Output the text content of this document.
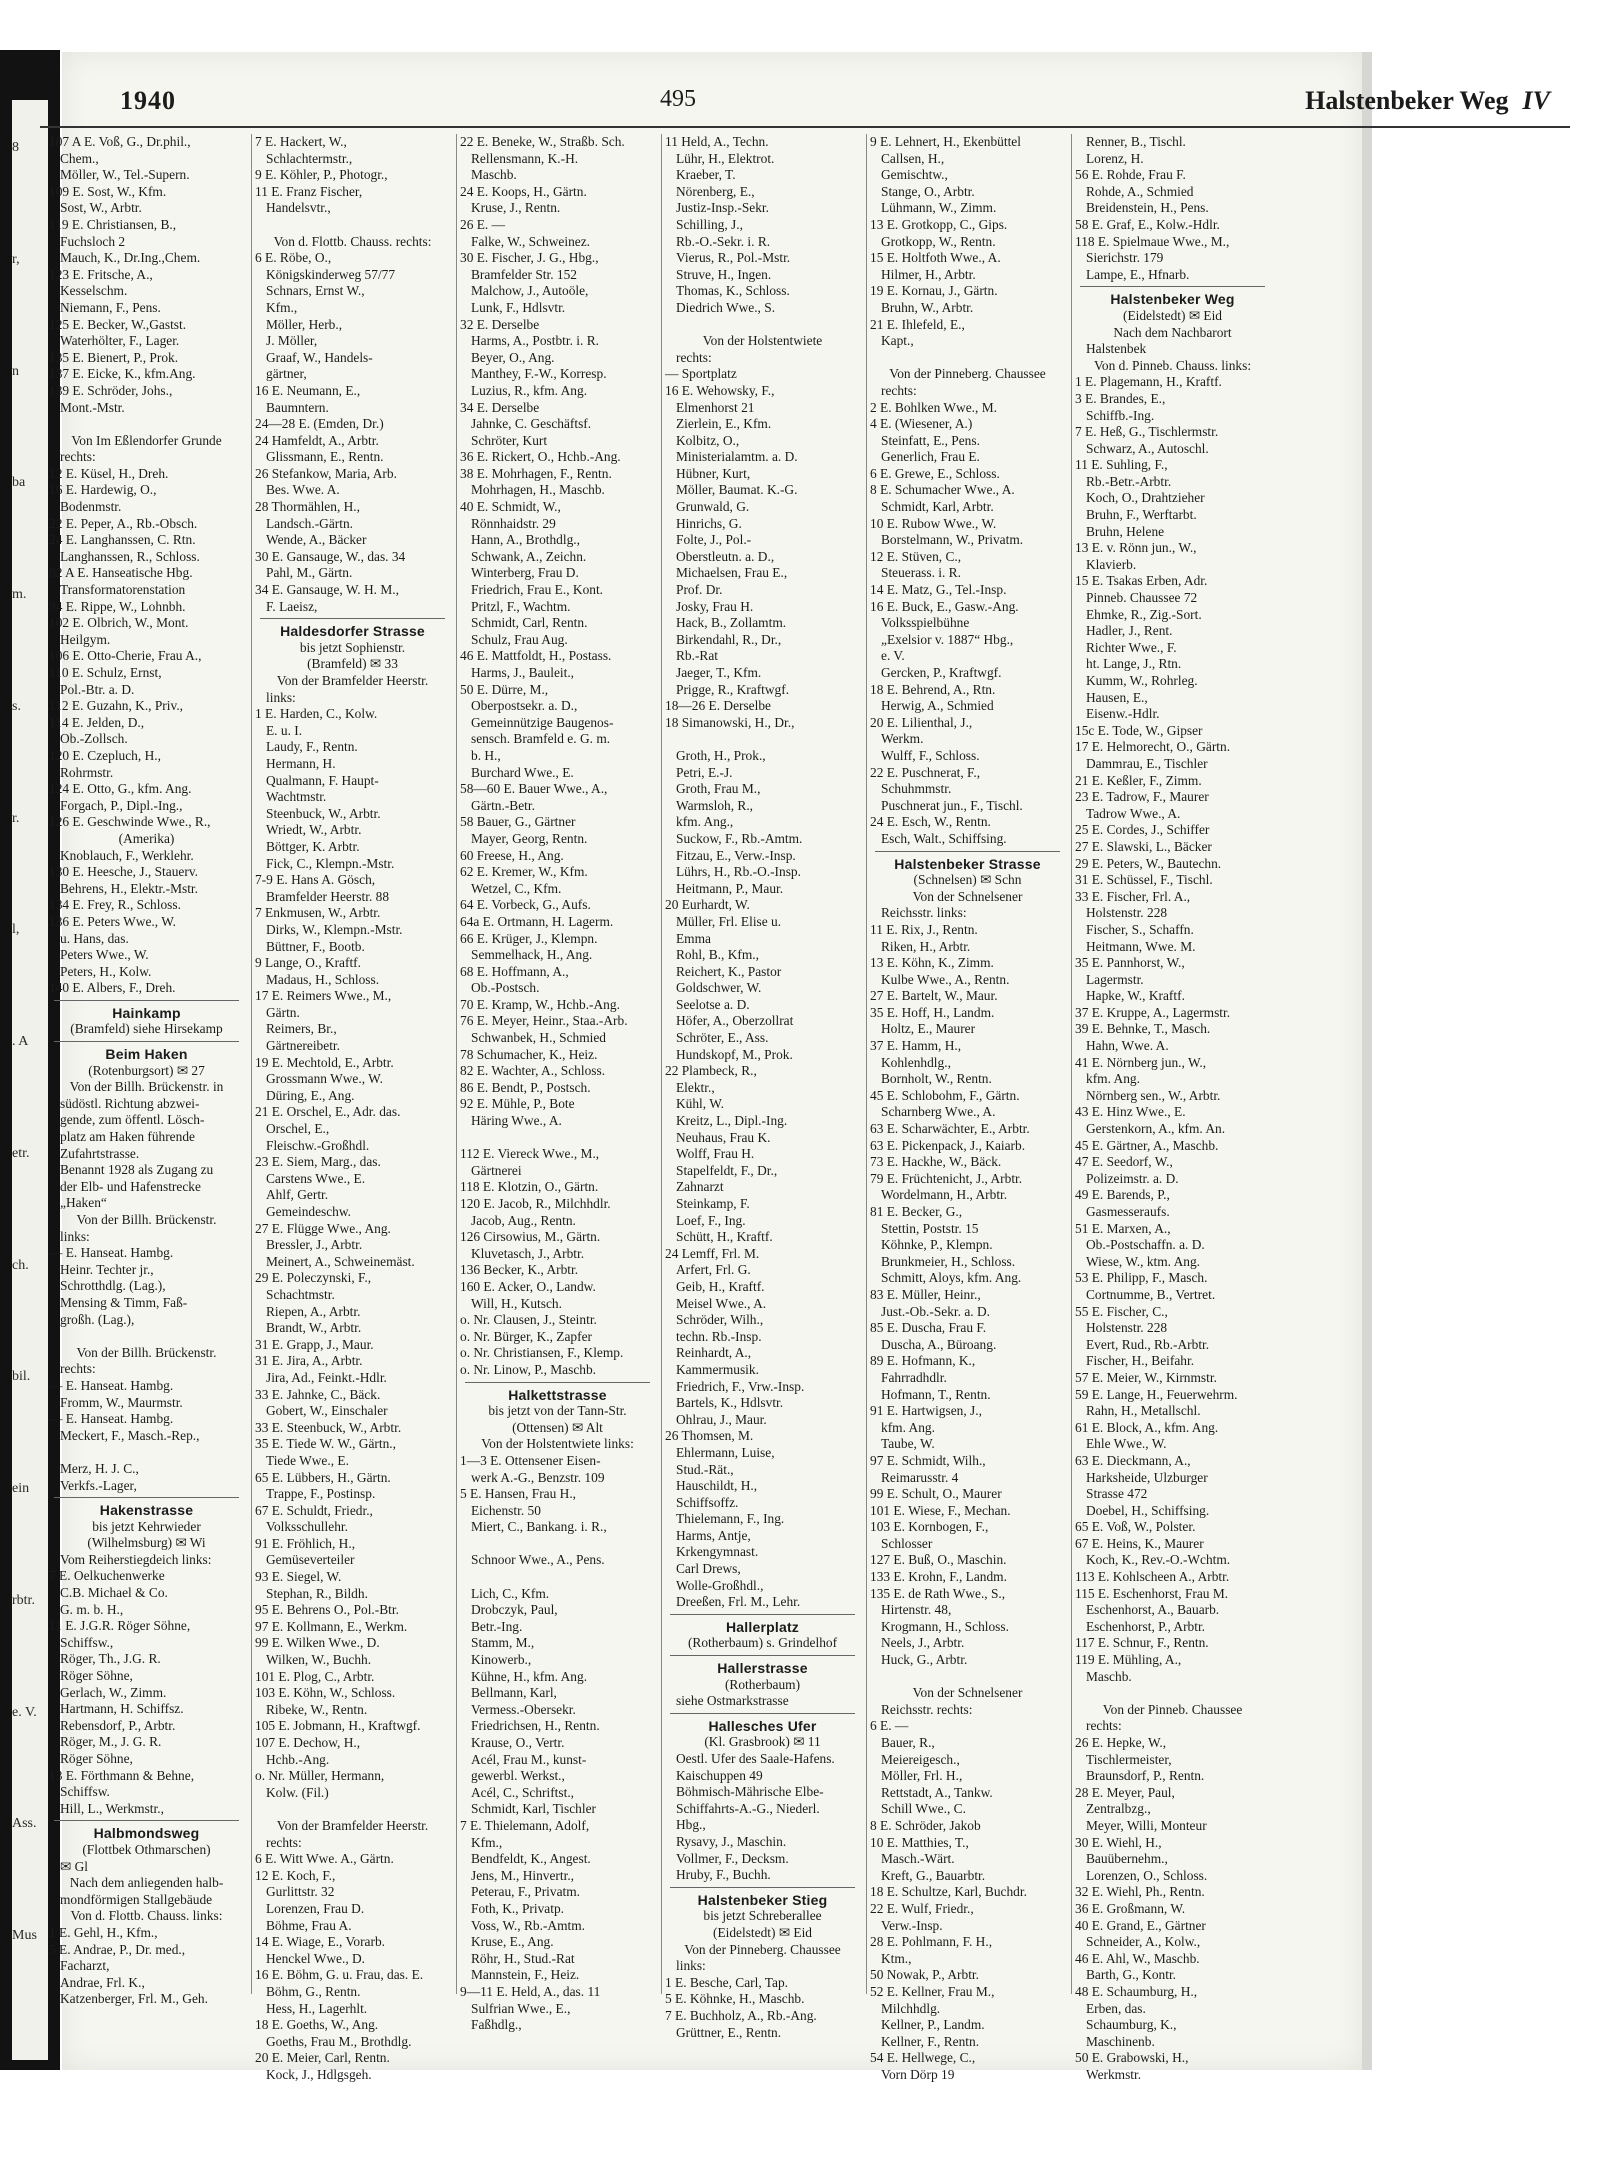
8
r,
n
ba
m.
s.
r.
l,
. A
etr.
ch.
bil.
ein
rbtr.
e. V.
Ass.
Mus
1940	495	Halstenbeker Weg IV
107 A E. Voß, G., Dr.phil.,
Chem.,
Möller, W., Tel.-Supern.
109 E. Sost, W., Kfm.
Sost, W., Arbtr.
119 E. Christiansen, B.,
Fuchsloch 2
Mauch, K., Dr.Ing.,Chem.
123 E. Fritsche, A.,
Kesselschm.
Niemann, F., Pens.
125 E. Becker, W.,Gastst.
Waterhölter, F., Lager.
135 E. Bienert, P., Prok.
137 E. Eicke, K., kfm.Ang.
139 E. Schröder, Johs.,
Mont.-Mstr.

Von Im Eßlendorfer Grunde
rechts:
12 E. Küsel, H., Dreh.
16 E. Hardewig, O.,
Bodenmstr.
22 E. Peper, A., Rb.-Obsch.
24 E. Langhanssen, C. Rtn.
Langhanssen, R., Schloss.
82 A E. Hanseatische Hbg.
Transformatorenstation
94 E. Rippe, W., Lohnbh.
102 E. Olbrich, W., Mont.
Heilgym.
106 E. Otto-Cherie, Frau A.,
110 E. Schulz, Ernst,
Pol.-Btr. a. D.
112 E. Guzahn, K., Priv.,
114 E. Jelden, D.,
Ob.-Zollsch.
120 E. Czepluch, H.,
Rohrmstr.
124 E. Otto, G., kfm. Ang.
Forgach, P., Dipl.-Ing.,
126 E. Geschwinde Wwe., R.,
(Amerika)
Knoblauch, F., Werklehr.
130 E. Heesche, J., Stauerv.
Behrens, H., Elektr.-Mstr.
134 E. Frey, R., Schloss.
136 E. Peters Wwe., W.
u. Hans, das.
Peters Wwe., W.
Peters, H., Kolw.
140 E. Albers, F., Dreh.
Hainkamp
(Bramfeld) siehe Hirsekamp
Beim Haken
(Rotenburgsort) ✉ 27
Von der Billh. Brückenstr. in
südöstl. Richtung abzwei-
gende, zum öffentl. Lösch-
platz am Haken führende
Zufahrtstrasse.
Benannt 1928 als Zugang zu
der Elb- und Hafenstrecke
„Haken“
Von der Billh. Brückenstr.
links:
— E. Hanseat. Hambg.
Heinr. Techter jr.,
Schrotthdlg. (Lag.),
Mensing & Timm, Faß-
großh. (Lag.),

Von der Billh. Brückenstr.
rechts:
— E. Hanseat. Hambg.
Fromm, W., Maurmstr.
— E. Hanseat. Hambg.
Meckert, F., Masch.-Rep.,

Merz, H. J. C.,
Verkfs.-Lager,
Hakenstrasse
bis jetzt Kehrwieder
(Wilhelmsburg) ✉ Wi
Vom Reiherstiegdeich links:
7 E. Oelkuchenwerke
C.B. Michael & Co.
G. m. b. H.,
11 E. J.G.R. Röger Söhne,
Schiffsw.,
Röger, Th., J.G. R.
Röger Söhne,
Gerlach, W., Zimm.
Hartmann, H. Schiffsz.
Rebensdorf, P., Arbtr.
Röger, M., J. G. R.
Röger Söhne,
13 E. Förthmann & Behne,
Schiffsw.
Hill, L., Werkmstr.,
Halbmondsweg
(Flottbek Othmarschen)
✉ Gl
Nach dem anliegenden halb-
mondförmigen Stallgebäude
Von d. Flottb. Chauss. links:
1 E. Gehl, H., Kfm.,
5 E. Andrae, P., Dr. med.,
Facharzt,
Andrae, Frl. K.,
Katzenberger, Frl. M., Geh.
7 E. Hackert, W.,
Schlachtermstr.,
9 E. Köhler, P., Photogr.,
11 E. Franz Fischer,
Handelsvtr.,

Von d. Flottb. Chauss. rechts:
6 E. Röbe, O.,
Königskinderweg 57/77
Schnars, Ernst W.,
Kfm.,
Möller, Herb.,
J. Möller,
Graaf, W., Handels-
gärtner,
16 E. Neumann, E.,
Baumntern.
24—28 E. (Emden, Dr.)
24 Hamfeldt, A., Arbtr.
Glissmann, E., Rentn.
26 Stefankow, Maria, Arb.
Bes. Wwe. A.
28 Thormählen, H.,
Landsch.-Gärtn.
Wende, A., Bäcker
30 E. Gansauge, W., das. 34
Pahl, M., Gärtn.
34 E. Gansauge, W. H. M.,
F. Laeisz,
Haldesdorfer Strasse
bis jetzt Sophienstr.
(Bramfeld) ✉ 33
Von der Bramfelder Heerstr.
links:
1 E. Harden, C., Kolw.
E. u. I.
Laudy, F., Rentn.
Hermann, H.
Qualmann, F. Haupt-
Wachtmstr.
Steenbuck, W., Arbtr.
Wriedt, W., Arbtr.
Böttger, K. Arbtr.
Fick, C., Klempn.-Mstr.
7-9 E. Hans A. Gösch,
Bramfelder Heerstr. 88
7 Enkmusen, W., Arbtr.
Dirks, W., Klempn.-Mstr.
Büttner, F., Bootb.
9 Lange, O., Kraftf.
Madaus, H., Schloss.
17 E. Reimers Wwe., M.,
Gärtn.
Reimers, Br.,
Gärtnereibetr.
19 E. Mechtold, E., Arbtr.
Grossmann Wwe., W.
Düring, E., Ang.
21 E. Orschel, E., Adr. das.
Orschel, E.,
Fleischw.-Großhdl.
23 E. Siem, Marg., das.
Carstens Wwe., E.
Ahlf, Gertr.
Gemeindeschw.
27 E. Flügge Wwe., Ang.
Bressler, J., Arbtr.
Meinert, A., Schweinemäst.
29 E. Poleczynski, F.,
Schachtmstr.
Riepen, A., Arbtr.
Brandt, W., Arbtr.
31 E. Grapp, J., Maur.
31 E. Jira, A., Arbtr.
Jira, Ad., Feinkt.-Hdlr.
33 E. Jahnke, C., Bäck.
Gobert, W., Einschaler
33 E. Steenbuck, W., Arbtr.
35 E. Tiede W. W., Gärtn.,
Tiede Wwe., E.
65 E. Lübbers, H., Gärtn.
Trappe, F., Postinsp.
67 E. Schuldt, Friedr.,
Volksschullehr.
91 E. Fröhlich, H.,
Gemüseverteiler
93 E. Siegel, W.
Stephan, R., Bildh.
95 E. Behrens O., Pol.-Btr.
97 E. Kollmann, E., Werkm.
99 E. Wilken Wwe., D.
Wilken, W., Buchh.
101 E. Plog, C., Arbtr.
103 E. Köhn, W., Schloss.
Ribeke, W., Rentn.
105 E. Jobmann, H., Kraftwgf.
107 E. Dechow, H.,
Hchb.-Ang.
o. Nr. Müller, Hermann,
Kolw. (Fil.)

Von der Bramfelder Heerstr.
rechts:
6 E. Witt Wwe. A., Gärtn.
12 E. Koch, F.,
Gurlittstr. 32
Lorenzen, Frau D.
Böhme, Frau A.
14 E. Wiage, E., Vorarb.
Henckel Wwe., D.
16 E. Böhm, G. u. Frau, das. E.
Böhm, G., Rentn.
Hess, H., Lagerhlt.
18 E. Goeths, W., Ang.
Goeths, Frau M., Brothdlg.
20 E. Meier, Carl, Rentn.
Kock, J., Hdlgsgeh.
22 E. Beneke, W., Straßb. Sch.
Rellensmann, K.-H.
Maschb.
24 E. Koops, H., Gärtn.
Kruse, J., Rentn.
26 E. —
Falke, W., Schweinez.
30 E. Fischer, J. G., Hbg.,
Bramfelder Str. 152
Malchow, J., Autoöle,
Lunk, F., Hdlsvtr.
32 E. Derselbe
Harms, A., Postbtr. i. R.
Beyer, O., Ang.
Manthey, F.-W., Korresp.
Luzius, R., kfm. Ang.
34 E. Derselbe
Jahnke, C. Geschäftsf.
Schröter, Kurt
36 E. Rickert, O., Hchb.-Ang.
38 E. Mohrhagen, F., Rentn.
Mohrhagen, H., Maschb.
40 E. Schmidt, W.,
Rönnhaidstr. 29
Hann, A., Brothdlg.,
Schwank, A., Zeichn.
Winterberg, Frau D.
Friedrich, Frau E., Kont.
Pritzl, F., Wachtm.
Schmidt, Carl, Rentn.
Schulz, Frau Aug.
46 E. Mattfoldt, H., Postass.
Harms, J., Bauleit.,
50 E. Dürre, M.,
Oberpostsekr. a. D.,
Gemeinnützige Baugenos-
sensch. Bramfeld e. G. m.
b. H.,
Burchard Wwe., E.
58—60 E. Bauer Wwe., A.,
Gärtn.-Betr.
58 Bauer, G., Gärtner
Mayer, Georg, Rentn.
60 Freese, H., Ang.
62 E. Kremer, W., Kfm.
Wetzel, C., Kfm.
64 E. Vorbeck, G., Aufs.
64a E. Ortmann, H. Lagerm.
66 E. Krüger, J., Klempn.
Semmelhack, H., Ang.
68 E. Hoffmann, A.,
Ob.-Postsch.
70 E. Kramp, W., Hchb.-Ang.
76 E. Meyer, Heinr., Staa.-Arb.
Schwanbek, H., Schmied
78 Schumacher, K., Heiz.
82 E. Wachter, A., Schloss.
86 E. Bendt, P., Postsch.
92 E. Mühle, P., Bote
Häring Wwe., A.

112 E. Viereck Wwe., M.,
Gärtnerei
118 E. Klotzin, O., Gärtn.
120 E. Jacob, R., Milchhdlr.
Jacob, Aug., Rentn.
126 Cirsowius, M., Gärtn.
Kluvetasch, J., Arbtr.
136 Becker, K., Arbtr.
160 E. Acker, O., Landw.
Will, H., Kutsch.
o. Nr. Clausen, J., Steintr.
o. Nr. Bürger, K., Zapfer
o. Nr. Christiansen, F., Klemp.
o. Nr. Linow, P., Maschb.
Halkettstrasse
bis jetzt von der Tann-Str.
(Ottensen) ✉ Alt
Von der Holstentwiete links:
1—3 E. Ottensener Eisen-
werk A.-G., Benzstr. 109
5 E. Hansen, Frau H.,
Eichenstr. 50
Miert, C., Bankang. i. R.,

Schnoor Wwe., A., Pens.

Lich, C., Kfm.
Drobczyk, Paul,
Betr.-Ing.
Stamm, M.,
Kinowerb.,
Kühne, H., kfm. Ang.
Bellmann, Karl,
Vermess.-Obersekr.
Friedrichsen, H., Rentn.
Krause, O., Vertr.
Acél, Frau M., kunst-
gewerbl. Werkst.,
Acél, C., Schriftst.,
Schmidt, Karl, Tischler
7 E. Thielemann, Adolf,
Kfm.,
Bendfeldt, K., Angest.
Jens, M., Hinvertr.,
Peterau, F., Privatm.
Foth, K., Privatp.
Voss, W., Rb.-Amtm.
Kruse, E., Ang.
Röhr, H., Stud.-Rat
Mannstein, F., Heiz.
9—11 E. Held, A., das. 11
Sulfrian Wwe., E.,
Faßhdlg.,
11 Held, A., Techn.
Lühr, H., Elektrot.
Kraeber, T.
Nörenberg, E.,
Justiz-Insp.-Sekr.
Schilling, J.,
Rb.-O.-Sekr. i. R.
Vierus, R., Pol.-Mstr.
Struve, H., Ingen.
Thomas, K., Schloss.
Diedrich Wwe., S.

Von der Holstentwiete
rechts:
— Sportplatz
16 E. Wehowsky, F.,
Elmenhorst 21
Zierlein, E., Kfm.
Kolbitz, O.,
Ministerialamtm. a. D.
Hübner, Kurt,
Möller, Baumat. K.-G.
Grunwald, G.
Hinrichs, G.
Folte, J., Pol.-
Oberstleutn. a. D.,
Michaelsen, Frau E.,
Prof. Dr.
Josky, Frau H.
Hack, B., Zollamtm.
Birkendahl, R., Dr.,
Rb.-Rat
Jaeger, T., Kfm.
Prigge, R., Kraftwgf.
18—26 E. Derselbe
18 Simanowski, H., Dr.,

Groth, H., Prok.,
Petri, E.-J.
Groth, Frau M.,
Warmsloh, R.,
kfm. Ang.,
Suckow, F., Rb.-Amtm.
Fitzau, E., Verw.-Insp.
Lührs, H., Rb.-O.-Insp.
Heitmann, P., Maur.
20 Eurhardt, W.
Müller, Frl. Elise u.
Emma
Rohl, B., Kfm.,
Reichert, K., Pastor
Goldschwer, W.
Seelotse a. D.
Höfer, A., Oberzollrat
Schröter, E., Ass.
Hundskopf, M., Prok.
22 Plambeck, R.,
Elektr.,
Kühl, W.
Kreitz, L., Dipl.-Ing.
Neuhaus, Frau K.
Wolff, Frau H.
Stapelfeldt, F., Dr.,
Zahnarzt
Steinkamp, F.
Loef, F., Ing.
Schütt, H., Kraftf.
24 Lemff, Frl. M.
Arfert, Frl. G.
Geib, H., Kraftf.
Meisel Wwe., A.
Schröder, Wilh.,
techn. Rb.-Insp.
Reinhardt, A.,
Kammermusik.
Friedrich, F., Vrw.-Insp.
Bartels, K., Hdlsvtr.
Ohlrau, J., Maur.
26 Thomsen, M.
Ehlermann, Luise,
Stud.-Rät.,
Hauschildt, H.,
Schiffsoffz.
Thielemann, F., Ing.
Harms, Antje,
Krkengymnast.
Carl Drews,
Wolle-Großhdl.,
Dreeßen, Frl. M., Lehr.
Hallerplatz
(Rotherbaum) s. Grindelhof
Hallerstrasse
(Rotherbaum)
siehe Ostmarkstrasse
Hallesches Ufer
(Kl. Grasbrook) ✉ 11
Oestl. Ufer des Saale-Hafens.
Kaischuppen 49
Böhmisch-Mährische Elbe-
Schiffahrts-A.-G., Niederl.
Hbg.,
Rysavy, J., Maschin.
Vollmer, F., Decksm.
Hruby, F., Buchh.
Halstenbeker Stieg
bis jetzt Schreberallee
(Eidelstedt) ✉ Eid
Von der Pinneberg. Chaussee
links:
1 E. Besche, Carl, Tap.
5 E. Köhnke, H., Maschb.
7 E. Buchholz, A., Rb.-Ang.
Grüttner, E., Rentn.
9 E. Lehnert, H., Ekenbüttel
Callsen, H.,
Gemischtw.,
Stange, O., Arbtr.
Lühmann, W., Zimm.
13 E. Grotkopp, C., Gips.
Grotkopp, W., Rentn.
15 E. Holtfoth Wwe., A.
Hilmer, H., Arbtr.
19 E. Kornau, J., Gärtn.
Bruhn, W., Arbtr.
21 E. Ihlefeld, E.,
Kapt.,

Von der Pinneberg. Chaussee
rechts:
2 E. Bohlken Wwe., M.
4 E. (Wiesener, A.)
Steinfatt, E., Pens.
Generlich, Frau E.
6 E. Grewe, E., Schloss.
8 E. Schumacher Wwe., A.
Schmidt, Karl, Arbtr.
10 E. Rubow Wwe., W.
Borstelmann, W., Privatm.
12 E. Stüven, C.,
Steuerass. i. R.
14 E. Matz, G., Tel.-Insp.
16 E. Buck, E., Gasw.-Ang.
Volksspielbühne
„Exelsior v. 1887“ Hbg.,
e. V.
Gercken, P., Kraftwgf.
18 E. Behrend, A., Rtn.
Herwig, A., Schmied
20 E. Lilienthal, J.,
Werkm.
Wulff, F., Schloss.
22 E. Puschnerat, F.,
Schuhmmstr.
Puschnerat jun., F., Tischl.
24 E. Esch, W., Rentn.
Esch, Walt., Schiffsing.
Halstenbeker Strasse
(Schnelsen) ✉ Schn
Von der Schnelsener
Reichsstr. links:
11 E. Rix, J., Rentn.
Riken, H., Arbtr.
13 E. Köhn, K., Zimm.
Kulbe Wwe., A., Rentn.
27 E. Bartelt, W., Maur.
35 E. Hoff, H., Landm.
Holtz, E., Maurer
37 E. Hamm, H.,
Kohlenhdlg.,
Bornholt, W., Rentn.
45 E. Schlobohm, F., Gärtn.
Scharnberg Wwe., A.
63 E. Scharwächter, E., Arbtr.
63 E. Pickenpack, J., Kaiarb.
73 E. Hackhe, W., Bäck.
79 E. Früchtenicht, J., Arbtr.
Wordelmann, H., Arbtr.
81 E. Becker, G.,
Stettin, Poststr. 15
Köhnke, P., Klempn.
Brunkmeier, H., Schloss.
Schmitt, Aloys, kfm. Ang.
83 E. Müller, Heinr.,
Just.-Ob.-Sekr. a. D.
85 E. Duscha, Frau F.
Duscha, A., Büroang.
89 E. Hofmann, K.,
Fahrradhdlr.
Hofmann, T., Rentn.
91 E. Hartwigsen, J.,
kfm. Ang.
Taube, W.
97 E. Schmidt, Wilh.,
Reimarusstr. 4
99 E. Schult, O., Maurer
101 E. Wiese, F., Mechan.
103 E. Kornbogen, F.,
Schlosser
127 E. Buß, O., Maschin.
133 E. Krohn, F., Landm.
135 E. de Rath Wwe., S.,
Hirtenstr. 48,
Krogmann, H., Schloss.
Neels, J., Arbtr.
Huck, G., Arbtr.

Von der Schnelsener
Reichsstr. rechts:
6 E. —
Bauer, R.,
Meiereigesch.,
Möller, Frl. H.,
Rettstadt, A., Tankw.
Schill Wwe., C.
8 E. Schröder, Jakob
10 E. Matthies, T.,
Masch.-Wärt.
Kreft, G., Bauarbtr.
18 E. Schultze, Karl, Buchdr.
22 E. Wulf, Friedr.,
Verw.-Insp.
28 E. Pohlmann, F. H.,
Ktm.,
50 Nowak, P., Arbtr.
52 E. Kellner, Frau M.,
Milchhdlg.
Kellner, P., Landm.
Kellner, F., Rentn.
54 E. Hellwege, C.,
Vorn Dörp 19
Renner, B., Tischl.
Lorenz, H.
56 E. Rohde, Frau F.
Rohde, A., Schmied
Breidenstein, H., Pens.
58 E. Graf, E., Kolw.-Hdlr.
118 E. Spielmaue Wwe., M.,
Sierichstr. 179
Lampe, E., Hfnarb.
Halstenbeker Weg
(Eidelstedt) ✉ Eid
Nach dem Nachbarort
Halstenbek
Von d. Pinneb. Chauss. links:
1 E. Plagemann, H., Kraftf.
3 E. Brandes, E.,
Schiffb.-Ing.
7 E. Heß, G., Tischlermstr.
Schwarz, A., Autoschl.
11 E. Suhling, F.,
Rb.-Betr.-Arbtr.
Koch, O., Drahtzieher
Bruhn, F., Werftarbt.
Bruhn, Helene
13 E. v. Rönn jun., W.,
Klavierb.
15 E. Tsakas Erben, Adr.
Pinneb. Chaussee 72
Ehmke, R., Zig.-Sort.
Hadler, J., Rent.
Richter Wwe., F.
ht. Lange, J., Rtn.
Kumm, W., Rohrleg.
Hausen, E.,
Eisenw.-Hdlr.
15c E. Tode, W., Gipser
17 E. Helmorecht, O., Gärtn.
Dammrau, E., Tischler
21 E. Keßler, F., Zimm.
23 E. Tadrow, F., Maurer
Tadrow Wwe., A.
25 E. Cordes, J., Schiffer
27 E. Slawski, L., Bäcker
29 E. Peters, W., Bautechn.
31 E. Schüssel, F., Tischl.
33 E. Fischer, Frl. A.,
Holstenstr. 228
Fischer, S., Schaffn.
Heitmann, Wwe. M.
35 E. Pannhorst, W.,
Lagermstr.
Hapke, W., Kraftf.
37 E. Kruppe, A., Lagermstr.
39 E. Behnke, T., Masch.
Hahn, Wwe. A.
41 E. Nörnberg jun., W.,
kfm. Ang.
Nörnberg sen., W., Arbtr.
43 E. Hinz Wwe., E.
Gerstenkorn, A., kfm. An.
45 E. Gärtner, A., Maschb.
47 E. Seedorf, W.,
Polizeimstr. a. D.
49 E. Barends, P.,
Gasmesseraufs.
51 E. Marxen, A.,
Ob.-Postschaffn. a. D.
Wiese, W., ktm. Ang.
53 E. Philipp, F., Masch.
Cortnumme, B., Vertret.
55 E. Fischer, C.,
Holstenstr. 228
Evert, Rud., Rb.-Arbtr.
Fischer, H., Beifahr.
57 E. Meier, W., Kirnmstr.
59 E. Lange, H., Feuerwehrm.
Rahn, H., Metallschl.
61 E. Block, A., kfm. Ang.
Ehle Wwe., W.
63 E. Dieckmann, A.,
Harksheide, Ulzburger
Strasse 472
Doebel, H., Schiffsing.
65 E. Voß, W., Polster.
67 E. Heins, K., Maurer
Koch, K., Rev.-O.-Wchtm.
113 E. Kohlscheen A., Arbtr.
115 E. Eschenhorst, Frau M.
Eschenhorst, A., Bauarb.
Eschenhorst, P., Arbtr.
117 E. Schnur, F., Rentn.
119 E. Mühling, A.,
Maschb.

Von der Pinneb. Chaussee
rechts:
26 E. Hepke, W.,
Tischlermeister,
Braunsdorf, P., Rentn.
28 E. Meyer, Paul,
Zentralbzg.,
Meyer, Willi, Monteur
30 E. Wiehl, H.,
Bauübernehm.,
Lorenzen, O., Schloss.
32 E. Wiehl, Ph., Rentn.
36 E. Großmann, W.
40 E. Grand, E., Gärtner
Schneider, A., Kolw.,
46 E. Ahl, W., Maschb.
Barth, G., Kontr.
48 E. Schaumburg, H.,
Erben, das.
Schaumburg, K.,
Maschinenb.
50 E. Grabowski, H.,
Werkmstr.
